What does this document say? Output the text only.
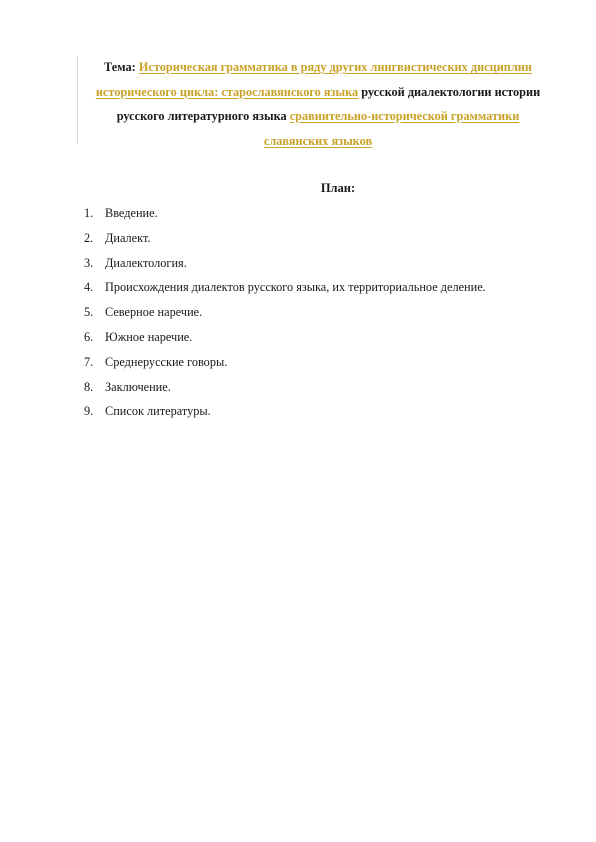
Тема: Историческая грамматика в ряду других лингвистических дисциплин исторического цикла: старославянского языка русской диалектологии истории русского литературного языка сравнительно-исторической грамматики славянских языков
План:
1. Введение.
2. Диалект.
3. Диалектология.
4. Происхождения диалектов русского языка, их территориальное деление.
5. Северное наречие.
6. Южное наречие.
7. Среднерусские говоры.
8. Заключение.
9. Список литературы.
